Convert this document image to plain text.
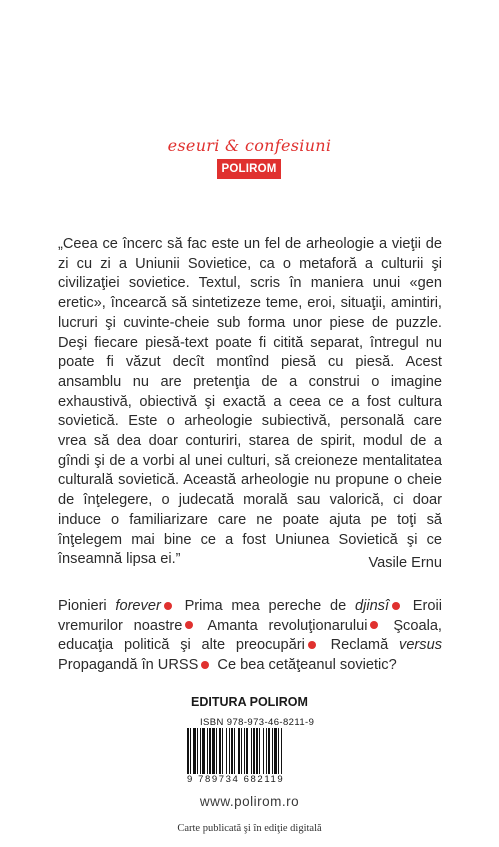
eseuri & confesiuni
POLIROM

„Ceea ce încerc să fac este un fel de arheologie a vieţii de zi cu zi a Uniunii Sovietice, ca o metaforă a culturii şi civilizaţiei sovietice. Textul, scris în maniera unui «gen eretic», încearcă să sintetizeze teme, eroi, situaţii, amintiri, lucruri şi cuvinte-cheie sub forma unor piese de puzzle. Deşi fiecare piesă-text poate fi citită separat, întregul nu poate fi văzut decît montînd piesă cu piesă. Acest ansamblu nu are pretenţia de a construi o imagine exhaustivă, obiectivă şi exactă a ceea ce a fost cultura sovietică. Este o arheologie subiectivă, personală care vrea să dea doar conturiri, starea de spirit, modul de a gîndi şi de a vorbi al unei culturi, să creioneze mentalitatea culturală sovietică. Această arheologie nu propune o cheie de înţelegere, o judecată morală sau valorică, ci doar induce o familiarizare care ne poate ajuta pe toţi să înţelegem mai bine ce a fost Uniunea Sovietică şi ce înseamnă lipsa ei.”	Vasile Ernu
Pionieri forever Prima mea pereche de djinsî Eroii vremurilor noastre Amanta revoluţionarului Şcoala, educaţia politică şi alte preocupări Reclamă versus Propagandă în URSS Ce bea cetăţeanul sovietic?
EDITURA POLIROM
ISBN 978-973-46-8211-9
9 789734 682119
www.polirom.ro
Carte publicată şi în ediţie digitală
